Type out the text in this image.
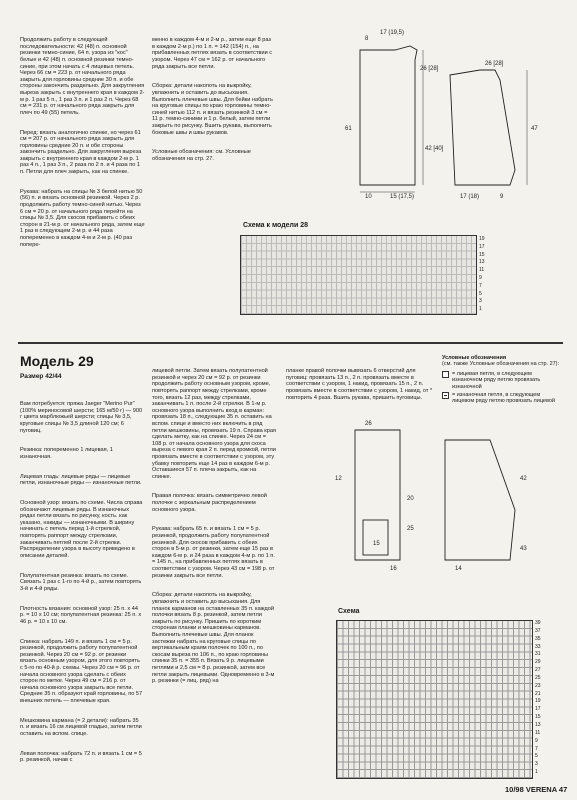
8
17 (19,5)
26 [28]
61
42 [40]
10	15 (17,5)
26 [28]
47
17 (18)	9

Продолжить работу в следующей последовательности: 42 (48) п. основной резинки темно-синие, 64 п. узора из "кос" белые и 42 (48) п. основной резинки темно-синие, при этом начать с 4 лицевых петель. Через 66 см = 223 р. от начального ряда закрыть для горловины средние 30 п. и обе стороны закончить раздельно. Для закругления выреза закрыть с внутреннего края в каждом 2-м р. 1 раз 5 п., 1 раз 3 п. и 1 раз 2 п. Через 68 см = 231 р. от начального ряда закрыть для плеч по 49 (55) петель.

Перед: вязать аналогично спинке, но через 61 см = 207 р. от начального ряда закрыть для горловины средние 20 п. и обе стороны закончить раздельно. Для закругления выреза закрыть с внутреннего края в каждом 2-м р. 1 раз 4 п., 1 раз 3 п., 2 раза по 2 п. и 4 раза по 1 п. Петли для плеч закрыть, как на спинке.

Рукава: набрать на спицы № 3 белой нитью 50 (56) п. и вязать основной резинкой. Через 2 р. продолжить работу темно-синей нитью. Через 6 см = 20 р. от начального ряда перейти на спицы № 3,5. Для скосов прибавить с обеих сторон в 21-м р. от начального ряда, затем еще 1 раз в следующем 2-м р. и 44 раза попеременно в каждом 4-м и 2-м р. (40 раз попере-

менно в каждом 4-м и 2-м р., затем еще 8 раз в каждом 2-м р.) по 1 п. = 142 (154) п., на прибавленных петлях вязать в соответствии с узором. Через 47 см = 162 р. от начального ряда закрыть все петли.

Сборка: детали накопоть на выкройку, увлажнить и оставить до высыхания. Выполнить плечевые швы. Для бейки набрать на круговые спицы по краю горловины темно-синей нитью 112 п. и вязать резинкой 3 см = 11 р. темно-синими и 1 р. белый, затем петли закрыть по рисунку. Вшить рукава, выполнить боковые швы и швы рукавов.

Условные обозначения: см. Условные обозначения на стр. 27.

Схема к модели 28
19
17
15
13
11
9
7
5
3
1
Модель 29
Размер 42/44

Вам потребуется: пряжа Jaeger "Merino Pur" (100% мериносовой шерсти; 165 м/50 г) — 900 г цвета марблюжьей шерсти; спицы № 3,5, круговые спицы № 3,5 длиной 120 см; 6 пуговиц.

Резинка: попеременно 1 лицевая, 1 изнаночная.

Лицевая гладь: лицевые ряды — лицевые петли, изнаночные ряды — изнаночные петли.

Основной узор: вязать по схеме. Числа справа обозначают лицевые ряды. В изнаночных рядах петли вязать по рисунку, кость. как указано, накиды — изнаночными. В ширину начинать с петель перед 1-й стрелкой, повторять раппорт между стрелками, заканчивать петлей после 2-й стрелки. Распределение узора в высоту приведено в описании деталей.

Полупатентная резинка: вязать по схеме. Связать 1 раз с 1-го по 4-й р., затем повторять 3-й и 4-й ряды.

Плотность вязания: основной узор: 25 п. х 44 р. = 10 х 10 см; полупатентная резинка: 25 п. х 46 р. = 10 х 10 см.

Спинка: набрать 149 п. и вязать 1 см = 5 р. резинкой, продолжить работу полупатентной резинкой. Через 20 см = 92 р. от резинки вязать основным узором, для этого повторять с 5-го по 40-й р. схемы. Через 20 см = 96 р. от начала основного узора сделать с обеих сторон по метке. Через 49 см = 216 р. от начала основного узора закрыть все петли. Средние 35 п. образуют край горловины, по 57 внешних петель — плечевые края.

Мешковина кармана (= 2 детали): набрать 35 п. и вязать 16 см лицевой гладью, затем петли оставить на вспом. спице.

Левая полочка: набрать 72 п. и вязать 1 см = 5 р. резинкой, начав с

лицевой петли. Затем вязать полупатентной резинкой и через 20 см = 92 р. от резинки продолжить работу основным узором, кроме, повторять раппорт между стрелками, кроме того, вязать 12 раз, между стрелками, заканчивать 1 п. после 2-й стрелки. В 1-м р. основного узора выполнить вход в карман: провязать 18 п., следующие 35 п. оставить на вспом. спице и вместо них включить в ряд петли мешковины, провязать 19 п. Справа края сделать метку, как на спинке. Через 24 см = 108 р. от начала основного узора для скоса выреза с левого края 2 п. перед кромкой, петли провязать вместе в соответствии с узором, эту убавку повторить еще 14 раз в каждом 6-м р. Оставшиеся 57 п. плеча закрыть, как на спинке.

Правая полочка: вязать симметрично левой полочке с зеркальным распределением основного узора.

Рукава: набрать 65 п. и вязать 1 см = 5 р. резинкой, продолжить работу полупатентной резинкой. Для скосов прибавить с обеих сторон в 5-м р. от резинки, затем еще 15 раз в каждом 6-м р. и 24 раза в каждом 4-м р. по 1 п. = 145 п., на прибавленных петлях вязать в соответствии с узором. Через 43 см = 198 р. от резинки закрыть все петли.

Сборка: детали накопоть на выкройку, увлажнить и оставить до высыхания. Для планок карманов на оставленных 35 п. каждой полочки вязать 8 р. резинкой, затем петли закрыть по рисунку. Пришить по коротким сторонам планки и мешковины карманов. Выполнить плечевые швы. Для планок застежки набрать на круговые спицы по вертикальным краям полочек по 100 п., по скосам выреза по 106 п., по краю горловины спинки 35 п. = 355 п. Вязать 9 р. лицевыми петлями и 2,5 см = 8 р. резинкой, затем все петли закрыть лицевыми. Одновременно в 3-м р. резинки (= лиц. ряд) на

планке правой полочки вывязать 6 отверстий для пуговиц: провязать 13 п., 2 п. провязать вместе в соответствии с узором, 1 накид, провязать 15 п., 2 п. провязать вместе в соответствии с узором, 1 накид, от * повторить 4 раза. Вшить рукава, пришить пуговицы.

Условные обозначения
(см. также Условные обозначения на стр. 27):
= лицевая петля, в следующем изнаночном ряду петлю провязать изнаночной
= изнаночная петля, в следующем лицевом ряду петлю провязать лицевой
20
25
15
16
26
12
14
42
43
Схема
39
37
35
33
31
29
27
25
23
21
19
17
15
13
11
9
7
5
3
1
10/98 VERENA 47
